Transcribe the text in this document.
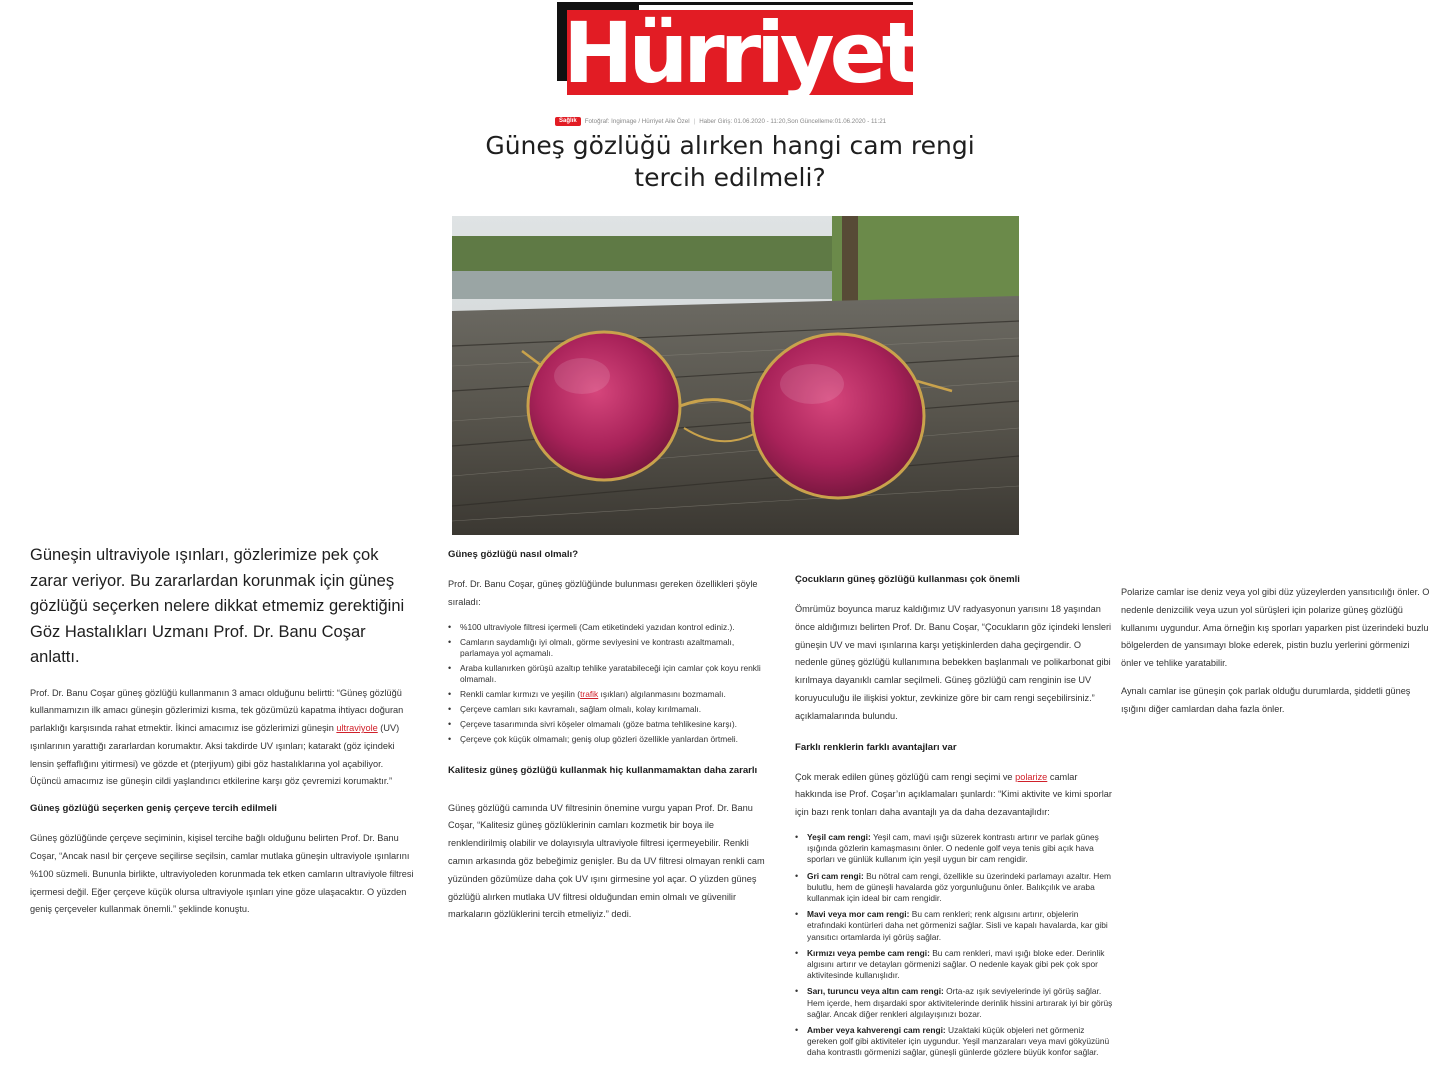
Hürriyet
Sağlık Fotoğraf: Ingimage / Hürriyet Aile Özel | Haber Giriş: 01.06.2020 - 11:20,Son Güncelleme:01.06.2020 - 11:21
Güneş gözlüğü alırken hangi cam rengi tercih edilmeli?

Güneşin ultraviyole ışınları, gözlerimize pek çok zarar veriyor. Bu zararlardan korunmak için güneş gözlüğü seçerken nelere dikkat etmemiz gerektiğini Göz Hastalıkları Uzmanı Prof. Dr. Banu Coşar anlattı.

Prof. Dr. Banu Coşar güneş gözlüğü kullanmanın 3 amacı olduğunu belirtti: “Güneş gözlüğü kullanmamızın ilk amacı güneşin gözlerimizi kısma, tek gözümüzü kapatma ihtiyacı doğuran parlaklığı karşısında rahat etmektir. İkinci amacımız ise gözlerimizi güneşin ultraviyole (UV) ışınlarının yarattığı zararlardan korumaktır. Aksi takdirde UV ışınları; katarakt (göz içindeki lensin şeffaflığını yitirmesi) ve gözde et (pterjiyum) gibi göz hastalıklarına yol açabiliyor. Üçüncü amacımız ise güneşin cildi yaşlandırıcı etkilerine karşı göz çevremizi korumaktır.”

Güneş gözlüğü seçerken geniş çerçeve tercih edilmeli

Güneş gözlüğünde çerçeve seçiminin, kişisel tercihe bağlı olduğunu belirten Prof. Dr. Banu Coşar, “Ancak nasıl bir çerçeve seçilirse seçilsin, camlar mutlaka güneşin ultraviyole ışınlarını %100 süzmeli. Bununla birlikte, ultraviyoleden korunmada tek etken camların ultraviyole filtresi içermesi değil. Eğer çerçeve küçük olursa ultraviyole ışınları yine göze ulaşacaktır. O yüzden geniş çerçeveler kullanmak önemli.” şeklinde konuştu.

Güneş gözlüğü nasıl olmalı?

Prof. Dr. Banu Coşar, güneş gözlüğünde bulunması gereken özellikleri şöyle sıraladı:

• %100 ultraviyole filtresi içermeli (Cam etiketindeki yazıdan kontrol ediniz.).
• Camların saydamlığı iyi olmalı, görme seviyesini ve kontrastı azaltmamalı, parlamaya yol açmamalı.
• Araba kullanırken görüşü azaltıp tehlike yaratabileceği için camlar çok koyu renkli olmamalı.
• Renkli camlar kırmızı ve yeşilin (trafik ışıkları) algılanmasını bozmamalı.
• Çerçeve camları sıkı kavramalı, sağlam olmalı, kolay kırılmamalı.
• Çerçeve tasarımında sivri köşeler olmamalı (göze batma tehlikesine karşı).
• Çerçeve çok küçük olmamalı; geniş olup gözleri özellikle yanlardan örtmeli.
Kalitesiz güneş gözlüğü kullanmak hiç kullanmamaktan daha zararlı

Güneş gözlüğü camında UV filtresinin önemine vurgu yapan Prof. Dr. Banu Coşar, “Kalitesiz güneş gözlüklerinin camları kozmetik bir boya ile renklendirilmiş olabilir ve dolayısıyla ultraviyole filtresi içermeyebilir. Renkli camın arkasında göz bebeğimiz genişler. Bu da UV filtresi olmayan renkli cam yüzünden gözümüze daha çok UV ışını girmesine yol açar. O yüzden güneş gözlüğü alırken mutlaka UV filtresi olduğundan emin olmalı ve güvenilir markaların gözlüklerini tercih etmeliyiz.” dedi.

Çocukların güneş gözlüğü kullanması çok önemli

Ömrümüz boyunca maruz kaldığımız UV radyasyonun yarısını 18 yaşından önce aldığımızı belirten Prof. Dr. Banu Coşar, “Çocukların göz içindeki lensleri güneşin UV ve mavi ışınlarına karşı yetişkinlerden daha geçirgendir. O nedenle güneş gözlüğü kullanımına bebekken başlanmalı ve polikarbonat gibi kırılmaya dayanıklı camlar seçilmeli. Güneş gözlüğü cam renginin ise UV koruyuculuğu ile ilişkisi yoktur, zevkinize göre bir cam rengi seçebilirsiniz.” açıklamalarında bulundu.

Farklı renklerin farklı avantajları var

Çok merak edilen güneş gözlüğü cam rengi seçimi ve polarize camlar hakkında ise Prof. Coşar’ın açıklamaları şunlardı: “Kimi aktivite ve kimi sporlar için bazı renk tonları daha avantajlı ya da daha dezavantajlıdır:

• Yeşil cam rengi: Yeşil cam, mavi ışığı süzerek kontrastı artırır ve parlak güneş ışığında gözlerin kamaşmasını önler. O nedenle golf veya tenis gibi açık hava sporları ve günlük kullanım için yeşil uygun bir cam rengidir.
• Gri cam rengi: Bu nötral cam rengi, özellikle su üzerindeki parlamayı azaltır. Hem bulutlu, hem de güneşli havalarda göz yorgunluğunu önler. Balıkçılık ve araba kullanmak için ideal bir cam rengidir.
• Mavi veya mor cam rengi: Bu cam renkleri; renk algısını artırır, objelerin etrafındaki kontürleri daha net görmenizi sağlar. Sisli ve kapalı havalarda, kar gibi yansıtıcı ortamlarda iyi görüş sağlar.
• Kırmızı veya pembe cam rengi: Bu cam renkleri, mavi ışığı bloke eder. Derinlik algısını artırır ve detayları görmenizi sağlar. O nedenle kayak gibi pek çok spor aktivitesinde kullanışlıdır.
• Sarı, turuncu veya altın cam rengi: Orta-az ışık seviyelerinde iyi görüş sağlar. Hem içerde, hem dışardaki spor aktivitelerinde derinlik hissini artırarak iyi bir görüş sağlar. Ancak diğer renkleri algılayışınızı bozar.
• Amber veya kahverengi cam rengi: Uzaktaki küçük objeleri net görmeniz gereken golf gibi aktiviteler için uygundur. Yeşil manzaraları veya mavi gökyüzünü daha kontrastlı görmenizi sağlar, güneşli günlerde gözlere büyük konfor sağlar.

Polarize camlar ise deniz veya yol gibi düz yüzeylerden yansıtıcılığı önler. O nedenle denizcilik veya uzun yol sürüşleri için polarize güneş gözlüğü kullanımı uygundur. Ama örneğin kış sporları yaparken pist üzerindeki buzlu bölgelerden de yansımayı bloke ederek, pistin buzlu yerlerini görmenizi önler ve tehlike yaratabilir.

Aynalı camlar ise güneşin çok parlak olduğu durumlarda, şiddetli güneş ışığını diğer camlardan daha fazla önler.
